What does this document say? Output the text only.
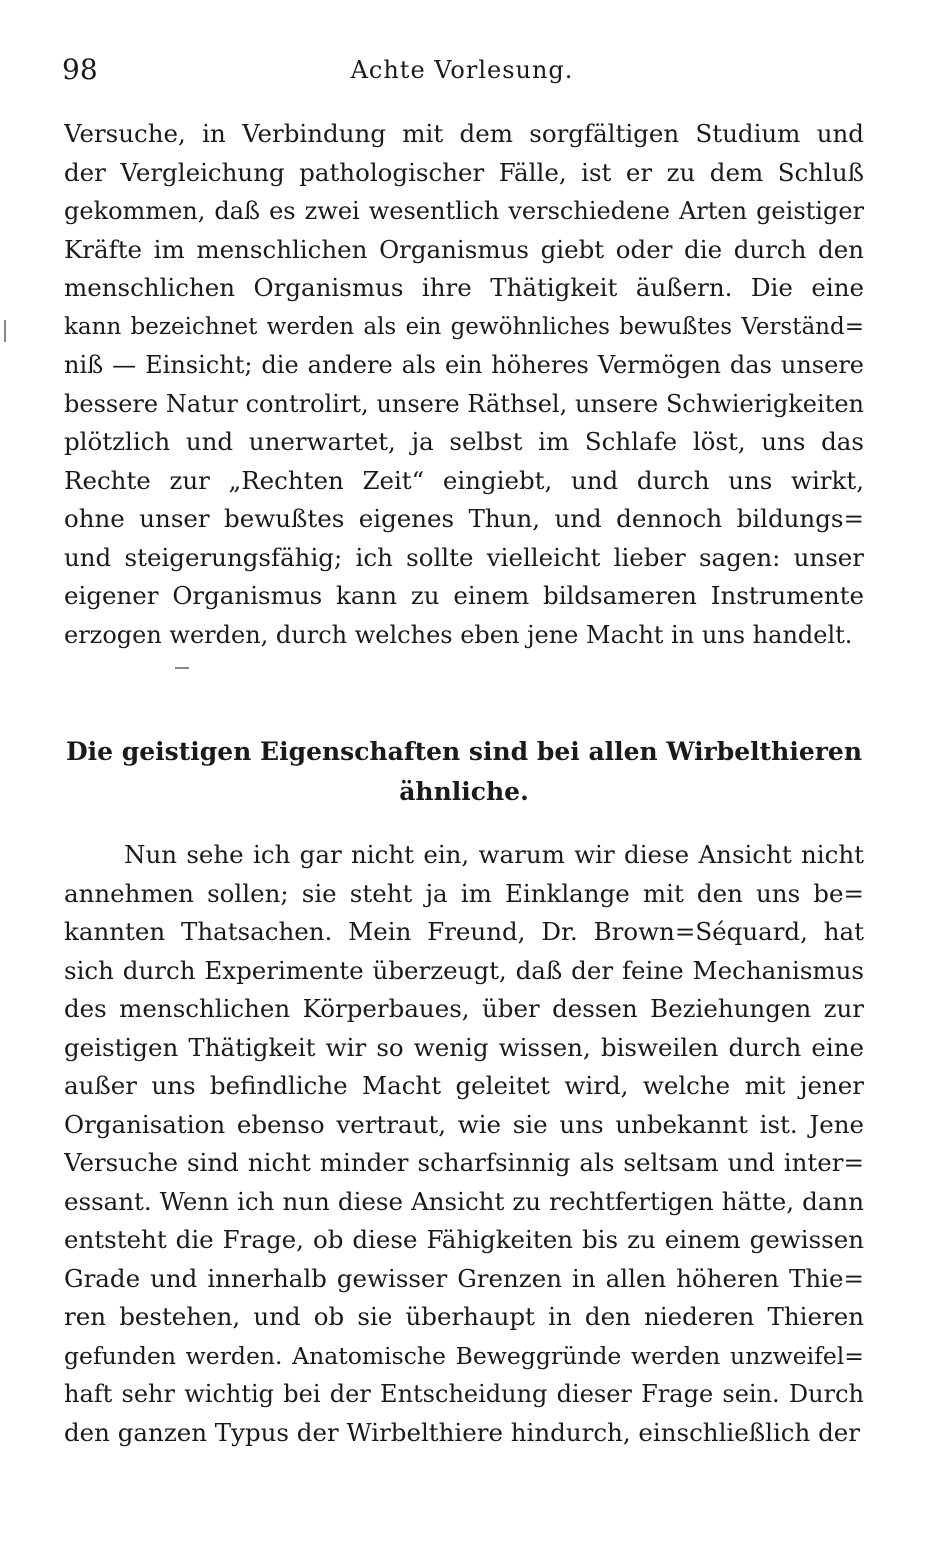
98	Achte Vorlesung.
Versuche, in Verbindung mit dem sorgfältigen Studium und
der Vergleichung pathologischer Fälle, ist er zu dem Schluß
gekommen, daß es zwei wesentlich verschiedene Arten geistiger
Kräfte im menschlichen Organismus giebt oder die durch den
menschlichen Organismus ihre Thätigkeit äußern. Die eine
kann bezeichnet werden als ein gewöhnliches bewußtes Verständ=
niß — Einsicht; die andere als ein höheres Vermögen das unsere
bessere Natur controlirt, unsere Räthsel, unsere Schwierigkeiten
plötzlich und unerwartet, ja selbst im Schlafe löst, uns das
Rechte zur „Rechten Zeit“ eingiebt, und durch uns wirkt,
ohne unser bewußtes eigenes Thun, und dennoch bildungs=
und steigerungsfähig; ich sollte vielleicht lieber sagen: unser
eigener Organismus kann zu einem bildsameren Instrumente
erzogen werden, durch welches eben jene Macht in uns handelt.
Die geistigen Eigenschaften sind bei allen Wirbelthieren
ähnliche.
Nun sehe ich gar nicht ein, warum wir diese Ansicht nicht
annehmen sollen; sie steht ja im Einklange mit den uns be=
kannten Thatsachen. Mein Freund, Dr. Brown=Séquard, hat
sich durch Experimente überzeugt, daß der feine Mechanismus
des menschlichen Körperbaues, über dessen Beziehungen zur
geistigen Thätigkeit wir so wenig wissen, bisweilen durch eine
außer uns befindliche Macht geleitet wird, welche mit jener
Organisation ebenso vertraut, wie sie uns unbekannt ist. Jene
Versuche sind nicht minder scharfsinnig als seltsam und inter=
essant. Wenn ich nun diese Ansicht zu rechtfertigen hätte, dann
entsteht die Frage, ob diese Fähigkeiten bis zu einem gewissen
Grade und innerhalb gewisser Grenzen in allen höheren Thie=
ren bestehen, und ob sie überhaupt in den niederen Thieren
gefunden werden. Anatomische Beweggründe werden unzweifel=
haft sehr wichtig bei der Entscheidung dieser Frage sein. Durch
den ganzen Typus der Wirbelthiere hindurch, einschließlich der
